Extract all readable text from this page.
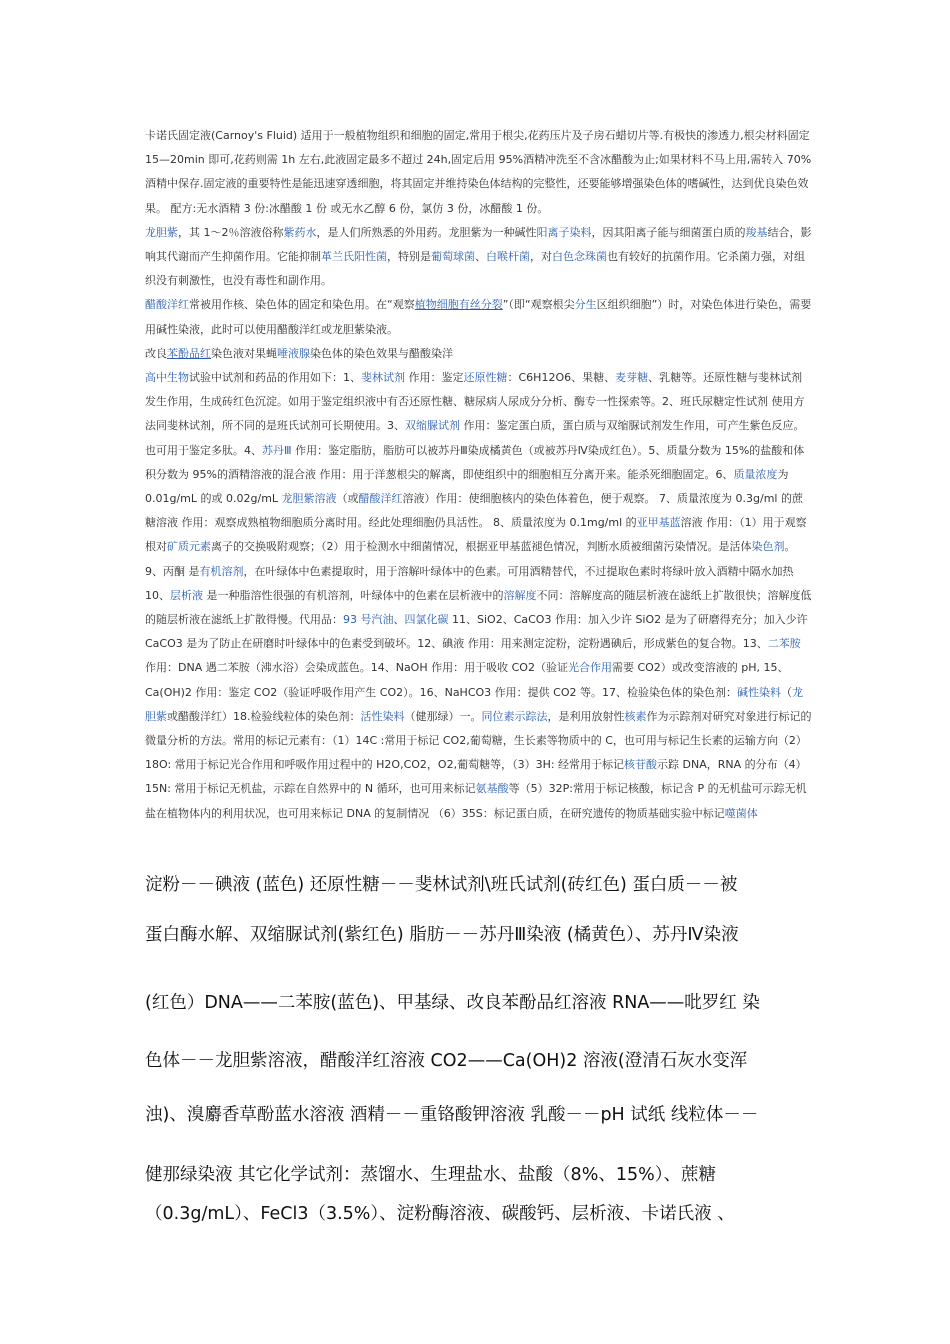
卡诺氏固定液(Carnoy's Fluid) 适用于一般植物组织和细胞的固定,常用于根尖,花药压片及子房石蜡切片等.有极快的渗透力,根尖材料固定 15—20min 即可,花药则需 1h 左右,此液固定最多不超过 24h,固定后用 95%酒精冲洗至不含冰醋酸为止;如果材料不马上用,需转入 70%酒精中保存.固定液的重要特性是能迅速穿透细胞，将其固定并维持染色体结构的完整性，还要能够增强染色体的嗜碱性，达到优良染色效果。 配方:无水酒精 3 份:冰醋酸 1 份 或无水乙醇 6 份，氯仿 3 份，冰醋酸 1 份。

龙胆紫，其 1～2％溶液俗称紫药水，是人们所熟悉的外用药。龙胆紫为一种碱性阳离子染料，因其阳离子能与细菌蛋白质的羧基结合，影响其代谢而产生抑菌作用。它能抑制革兰氏阳性菌，特别是葡萄球菌、白喉杆菌，对白色念珠菌也有较好的抗菌作用。它杀菌力强，对组织没有刺激性，也没有毒性和副作用。

醋酸洋红常被用作核、染色体的固定和染色用。在“观察植物细胞有丝分裂”（即“观察根尖分生区组织细胞”）时，对染色体进行染色，需要用碱性染液，此时可以使用醋酸洋红或龙胆紫染液。

改良苯酚品红染色液对果蝇唾液腺染色体的染色效果与醋酸染洋

高中生物试验中试剂和药品的作用如下：1、斐林试剂 作用：鉴定还原性糖：C6H12O6、果糖、麦芽糖、乳糖等。还原性糖与斐林试剂发生作用，生成砖红色沉淀。如用于鉴定组织液中有否还原性糖、糖尿病人尿成分分析、酶专一性探索等。2、班氏尿糖定性试剂 使用方法同斐林试剂，所不同的是班氏试剂可长期使用。3、双缩脲试剂 作用：鉴定蛋白质，蛋白质与双缩脲试剂发生作用，可产生紫色反应。也可用于鉴定多肽。4、苏丹Ⅲ 作用：鉴定脂肪，脂肪可以被苏丹Ⅲ染成橘黄色（或被苏丹Ⅳ染成红色）。5、质量分数为 15%的盐酸和体积分数为 95%的酒精溶液的混合液 作用：用于洋葱根尖的解离，即使组织中的细胞相互分离开来。能杀死细胞固定。6、质量浓度为 0.01g/mL 的或 0.02g/mL 龙胆紫溶液（或醋酸洋红溶液）作用：使细胞核内的染色体着色，便于观察。 7、质量浓度为 0.3g/ml 的蔗糖溶液 作用：观察成熟植物细胞质分离时用。经此处理细胞仍具活性。 8、质量浓度为 0.1mg/ml 的亚甲基蓝溶液 作用：（1）用于观察根对矿质元素离子的交换吸附观察；（2）用于检测水中细菌情况，根据亚甲基蓝褪色情况，判断水质被细菌污染情况。是活体染色剂。9、丙酮 是有机溶剂，在叶绿体中色素提取时，用于溶解叶绿体中的色素。可用酒精替代，不过提取色素时将绿叶放入酒精中隔水加热 10、层析液 是一种脂溶性很强的有机溶剂，叶绿体中的色素在层析液中的溶解度不同：溶解度高的随层析液在滤纸上扩散很快；溶解度低的随层析液在滤纸上扩散得慢。代用品：93 号汽油、四氯化碳 11、SiO2、CaCO3 作用：加入少许 SiO2 是为了研磨得充分；加入少许 CaCO3 是为了防止在研磨时叶绿体中的色素受到破坏。12、碘液 作用：用来测定淀粉，淀粉遇碘后，形成紫色的复合物。13、二苯胺 作用：DNA 遇二苯胺（沸水浴）会染成蓝色。14、NaOH 作用：用于吸收 CO2（验证光合作用需要 CO2）或改变溶液的 pH, 15、Ca(OH)2 作用：鉴定 CO2（验证呼吸作用产生 CO2）。16、NaHCO3 作用：提供 CO2 等。17、检验染色体的染色剂：碱性染料（龙胆紫或醋酸洋红）18.检验线粒体的染色剂：活性染料（健那绿）一。同位素示踪法，是利用放射性核素作为示踪剂对研究对象进行标记的微量分析的方法。常用的标记元素有：（1）14C :常用于标记 CO2,葡萄糖，生长素等物质中的 C，也可用与标记生长素的运输方向（2）18O: 常用于标记光合作用和呼吸作用过程中的 H2O,CO2，O2,葡萄糖等，（3）3H: 经常用于标记核苷酸示踪 DNA，RNA 的分布（4）15N: 常用于标记无机盐，示踪在自然界中的 N 循环，也可用来标记氨基酸等（5）32P:常用于标记核酸，标记含 P 的无机盐可示踪无机盐在植物体内的利用状况，也可用来标记 DNA 的复制情况 （6）35S：标记蛋白质，在研究遗传的物质基础实验中标记噬菌体

淀粉－－碘液 (蓝色) 还原性糖－－斐林试剂\班氏试剂(砖红色) 蛋白质－－被

蛋白酶水解、双缩脲试剂(紫红色) 脂肪－－苏丹Ⅲ染液 (橘黄色）、苏丹Ⅳ染液

(红色）DNA——二苯胺(蓝色)、甲基绿、改良苯酚品红溶液 RNA——吡罗红 染

色体－－龙胆紫溶液，醋酸洋红溶液 CO2——Ca(OH)2 溶液(澄清石灰水变浑

浊)、溴麝香草酚蓝水溶液 酒精－－重铬酸钾溶液 乳酸－－pH 试纸 线粒体－－

健那绿染液 其它化学试剂：蒸馏水、生理盐水、盐酸（8%、15%）、蔗糖

（0.3g/mL）、FeCl3（3.5%）、淀粉酶溶液、碳酸钙、层析液、卡诺氏液 、
